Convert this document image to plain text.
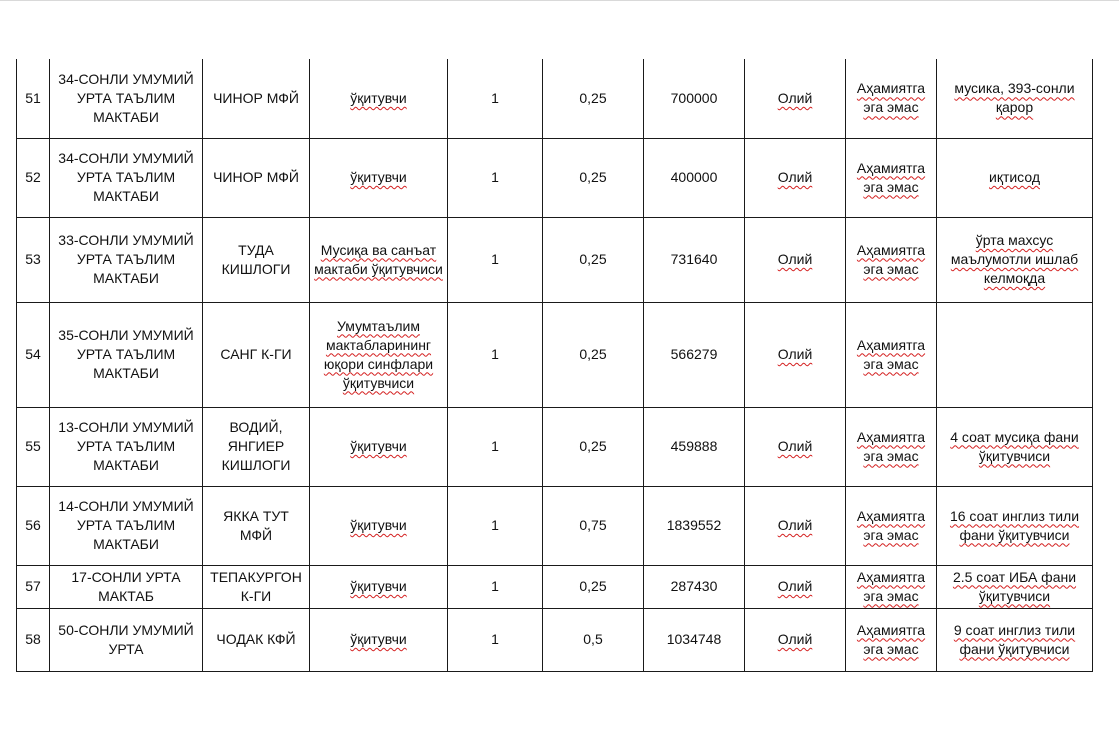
51	34-СОНЛИ УМУМИЙ УРТА ТАЪЛИМ МАКТАБИ	ЧИНОР МФЙ	ўқитувчи	1	0,25	700000	Олий	Аҳамиятга эга эмас	мусика, 393-сонли қарор
52	34-СОНЛИ УМУМИЙ УРТА ТАЪЛИМ МАКТАБИ	ЧИНОР МФЙ	ўқитувчи	1	0,25	400000	Олий	Аҳамиятга эга эмас	иқтисод
53	33-СОНЛИ УМУМИЙ УРТА ТАЪЛИМ МАКТАБИ	ТУДА КИШЛОГИ	Мусиқа ва санъат мактаби ўқитувчиси	1	0,25	731640	Олий	Аҳамиятга эга эмас	ўрта махсус маълумотли ишлаб келмоқда
54	35-СОНЛИ УМУМИЙ УРТА ТАЪЛИМ МАКТАБИ	САНГ К-ГИ	Умумтаълим мактабларининг юқори синфлари ўқитувчиси	1	0,25	566279	Олий	Аҳамиятга эга эмас	
55	13-СОНЛИ УМУМИЙ УРТА ТАЪЛИМ МАКТАБИ	ВОДИЙ, ЯНГИЕР КИШЛОГИ	ўқитувчи	1	0,25	459888	Олий	Аҳамиятга эга эмас	4 соат мусиқа фани ўқитувчиси
56	14-СОНЛИ УМУМИЙ УРТА ТАЪЛИМ МАКТАБИ	ЯККА ТУТ МФЙ	ўқитувчи	1	0,75	1839552	Олий	Аҳамиятга эга эмас	16 соат инглиз тили фани ўқитувчиси
57	17-СОНЛИ УРТА МАКТАБ	ТЕПАКУРГОН К-ГИ	ўқитувчи	1	0,25	287430	Олий	Аҳамиятга эга эмас	2.5 соат ИБА фани ўқитувчиси
58	50-СОНЛИ УМУМИЙ УРТА	ЧОДАК КФЙ	ўқитувчи	1	0,5	1034748	Олий	Аҳамиятга эга эмас	9 соат инглиз тили фани ўқитувчиси
